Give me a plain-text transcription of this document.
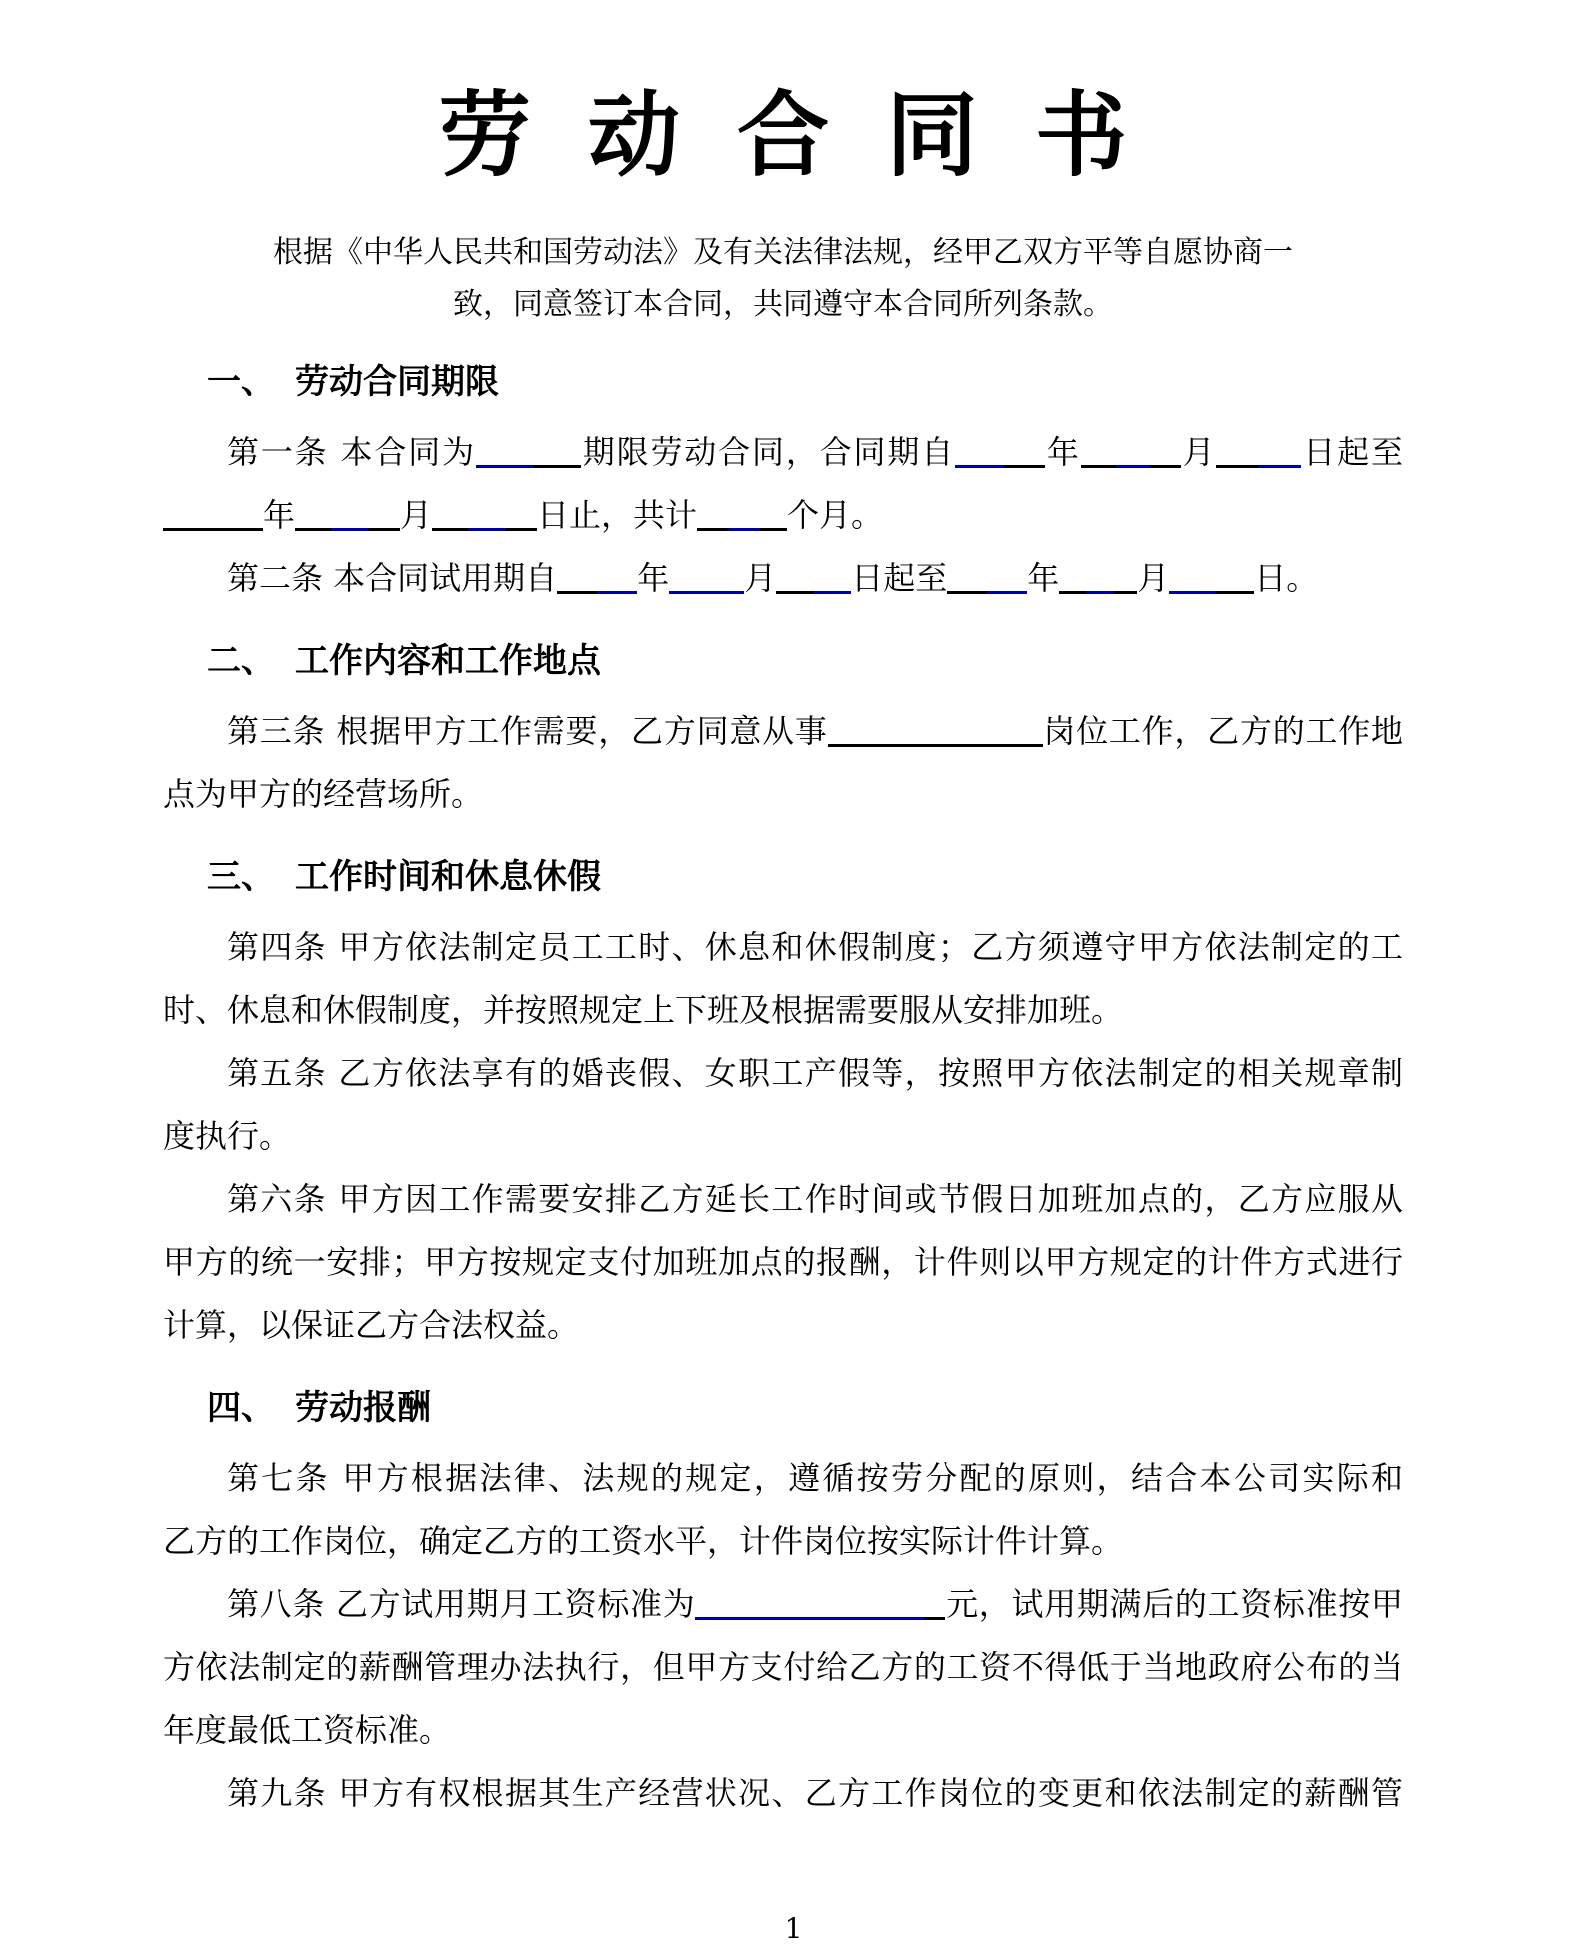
劳动合同书
根据《中华人民共和国劳动法》及有关法律法规，经甲乙双方平等自愿协商一
致，同意签订本合同，共同遵守本合同所列条款。
一、 劳动合同期限
第一条 本合同为	期限劳动合同，合同期自	年	月	日起至
年	月	日止，共计	个月。
第二条 本合同试用期自	年 月 日起至	年 月	日。
二、 工作内容和工作地点
第三条 根据甲方工作需要，乙方同意从事	岗位工作，乙方的工作地
点为甲方的经营场所。
三、 工作时间和休息休假
第四条 甲方依法制定员工工时、休息和休假制度；乙方须遵守甲方依法制定的工
时、休息和休假制度，并按照规定上下班及根据需要服从安排加班。
第五条 乙方依法享有的婚丧假、女职工产假等，按照甲方依法制定的相关规章制
度执行。
第六条 甲方因工作需要安排乙方延长工作时间或节假日加班加点的，乙方应服从
甲方的统一安排；甲方按规定支付加班加点的报酬，计件则以甲方规定的计件方式进行
计算，以保证乙方合法权益。
四、 劳动报酬
第七条 甲方根据法律、法规的规定，遵循按劳分配的原则，结合本公司实际和
乙方的工作岗位，确定乙方的工资水平，计件岗位按实际计件计算。
第八条 乙方试用期月工资标准为	元，试用期满后的工资标准按甲
方依法制定的薪酬管理办法执行，但甲方支付给乙方的工资不得低于当地政府公布的当
年度最低工资标准。
第九条 甲方有权根据其生产经营状况、乙方工作岗位的变更和依法制定的薪酬管
1
